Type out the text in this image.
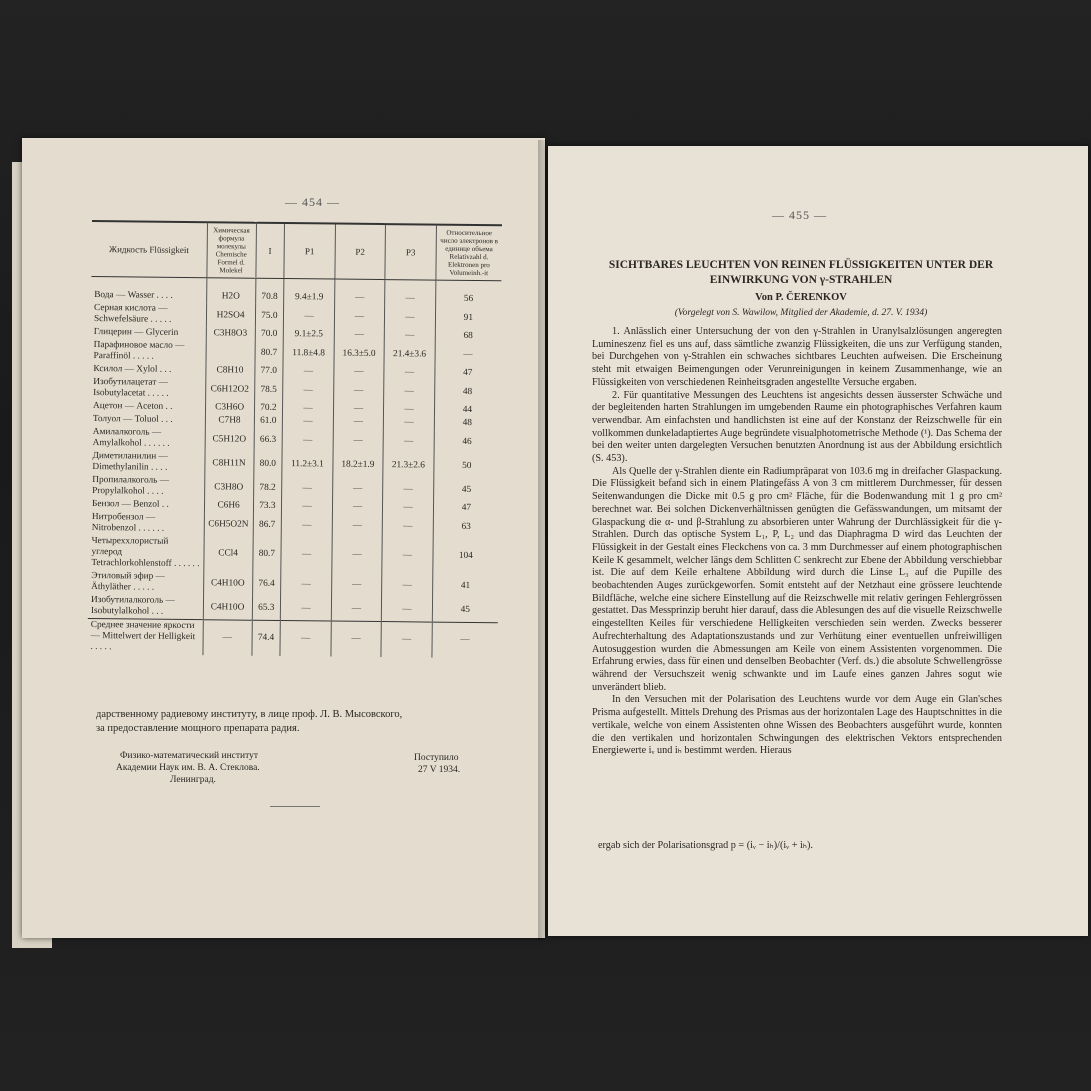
— 454 —
Жидкость Flüssigkeit	Химическая формула молекулы Chemische Formel d. Molekel	I	P1	P2	P3	Относительное число электронов в единице объема Relativzahl d. Elektronen pro Volumeinh.-it

Вода — Wasser . . . .	H2O	70.8	9.4±1.9	—	—	56
Серная кислота — Schwefelsäure . . . . .	H2SO4	75.0	—	—	—	91
Глицерин — Glycerin	C3H8O3	70.0	9.1±2.5	—	—	68
Парафиновое масло — Paraffinöl . . . . .		80.7	11.8±4.8	16.3±5.0	21.4±3.6	—
Ксилол — Xylol . . .	C8H10	77.0	—	—	—	47
Изобутилацетат — Isobutylacetat . . . . .	C6H12O2	78.5	—	—	—	48
Ацетон — Aceton . .	C3H6O	70.2	—	—	—	44
Толуол — Toluol . . .	C7H8	61.0	—	—	—	48
Амилалкоголь — Amylalkohol . . . . . .	C5H12O	66.3	—	—	—	46
Диметиланилин — Dimethylanilin . . . .	C8H11N	80.0	11.2±3.1	18.2±1.9	21.3±2.6	50
Пропилалкоголь — Propylalkohol . . . .	C3H8O	78.2	—	—	—	45
Бензол — Benzol . .	C6H6	73.3	—	—	—	47
Нитробензол — Nitrobenzol . . . . . .	C6H5O2N	86.7	—	—	—	63
Четыреххлористый углерод Tetrachlorkohlenstoff . . . . . .	CCl4	80.7	—	—	—	104
Этиловый эфир — Äthyläther . . . . .	C4H10O	76.4	—	—	—	41
Изобутилалкоголь — Isobutylalkohol . . .	C4H10O	65.3	—	—	—	45
Среднее значение яркости — Mittelwert der Helligkeit . . . . .	—	74.4	—	—	—	—
дарственному радиевому институту, в лице проф. Л. В. Мысовского,
за предоставление мощного препарата радия.
Физико-математический институт
Академии Наук им. В. А. Стеклова.
Ленинград.
Поступило
27 V 1934.
— 455 —
SICHTBARES LEUCHTEN VON REINEN FLÜSSIGKEITEN UNTER DER
EINWIRKUNG VON γ-STRAHLEN
Von P. ČERENKOV
(Vorgelegt von S. Wawilow, Mitglied der Akademie, d. 27. V. 1934)

1. Anlässlich einer Untersuchung der von den γ-Strahlen in Uranylsalzlösungen angeregten Lumineszenz fiel es uns auf, dass sämtliche zwanzig Flüssigkeiten, die uns zur Verfügung standen, bei Durchgehen von γ-Strahlen ein schwaches sichtbares Leuchten aufweisen. Die Erscheinung steht mit etwaigen Beimengungen oder Verunreinigungen in keinem Zusammenhange, wie an Flüssigkeiten von verschiedenen Reinheitsgraden angestellte Versuche ergaben.

2. Für quantitative Messungen des Leuchtens ist angesichts dessen äusserster Schwäche und der begleitenden harten Strahlungen im umgebenden Raume ein photographisches Verfahren kaum verwendbar. Am einfachsten und handlichsten ist eine auf der Konstanz der Reizschwelle für ein vollkommen dunkeladaptiertes Auge begründete visualphotometrische Methode (¹). Das Schema der bei den weiter unten dargelegten Versuchen benutzten Anordnung ist aus der Abbildung ersichtlich (S. 453).

Als Quelle der γ-Strahlen diente ein Radiumpräparat von 103.6 mg in dreifacher Glaspackung. Die Flüssigkeit befand sich in einem Platingefäss A von 3 cm mittlerem Durchmesser, für dessen Seitenwandungen die Dicke mit 0.5 g pro cm² Fläche, für die Bodenwandung mit 1 g pro cm² berechnet war. Bei solchen Dickenverhältnissen genügten die Gefässwandungen, um mitsamt der Glaspackung die α- und β-Strahlung zu absorbieren unter Wahrung der Durchlässigkeit für die γ-Strahlen. Durch das optische System L₁, P, L₂ und das Diaphragma D wird das Leuchten der Flüssigkeit in der Gestalt eines Fleckchens von ca. 3 mm Durchmesser auf einem photographischen Keile K gesammelt, welcher längs dem Schlitten C senkrecht zur Ebene der Abbildung verschiebbar ist. Die auf dem Keile erhaltene Abbildung wird durch die Linse L₃ auf die Pupille des beobachtenden Auges zurückgeworfen. Somit entsteht auf der Netzhaut eine grössere leuchtende Bildfläche, welche eine sichere Einstellung auf die Reizschwelle mit relativ geringen Fehlergrössen gestattet. Das Messprinzip beruht hier darauf, dass die Ablesungen des auf die visuelle Reizschwelle eingestellten Keiles für verschiedene Helligkeiten verschieden sein werden. Zwecks besserer Aufrechterhaltung des Adaptationszustands und zur Verhütung einer eventuellen unfreiwilligen Autosuggestion wurden die Abmessungen am Keile von einem Assistenten vorgenommen. Die Erfahrung erwies, dass für einen und denselben Beobachter (Verf. ds.) die absolute Schwellengrösse während der Versuchszeit wenig schwankte und im Laufe eines ganzen Jahres sogut wie unverändert blieb.

In den Versuchen mit der Polarisation des Leuchtens wurde vor dem Auge ein Glan'sches Prisma aufgestellt. Mittels Drehung des Prismas aus der horizontalen Lage des Hauptschnittes in die vertikale, welche von einem Assistenten ohne Wissen des Beobachters ausgeführt wurde, konnten die den vertikalen und horizontalen Schwingungen des elektrischen Vektors entsprechenden Energiewerte iᵥ und iₕ bestimmt werden. Hieraus

ergab sich der Polarisationsgrad p = (iᵥ − iₕ)/(iᵥ + iₕ).
